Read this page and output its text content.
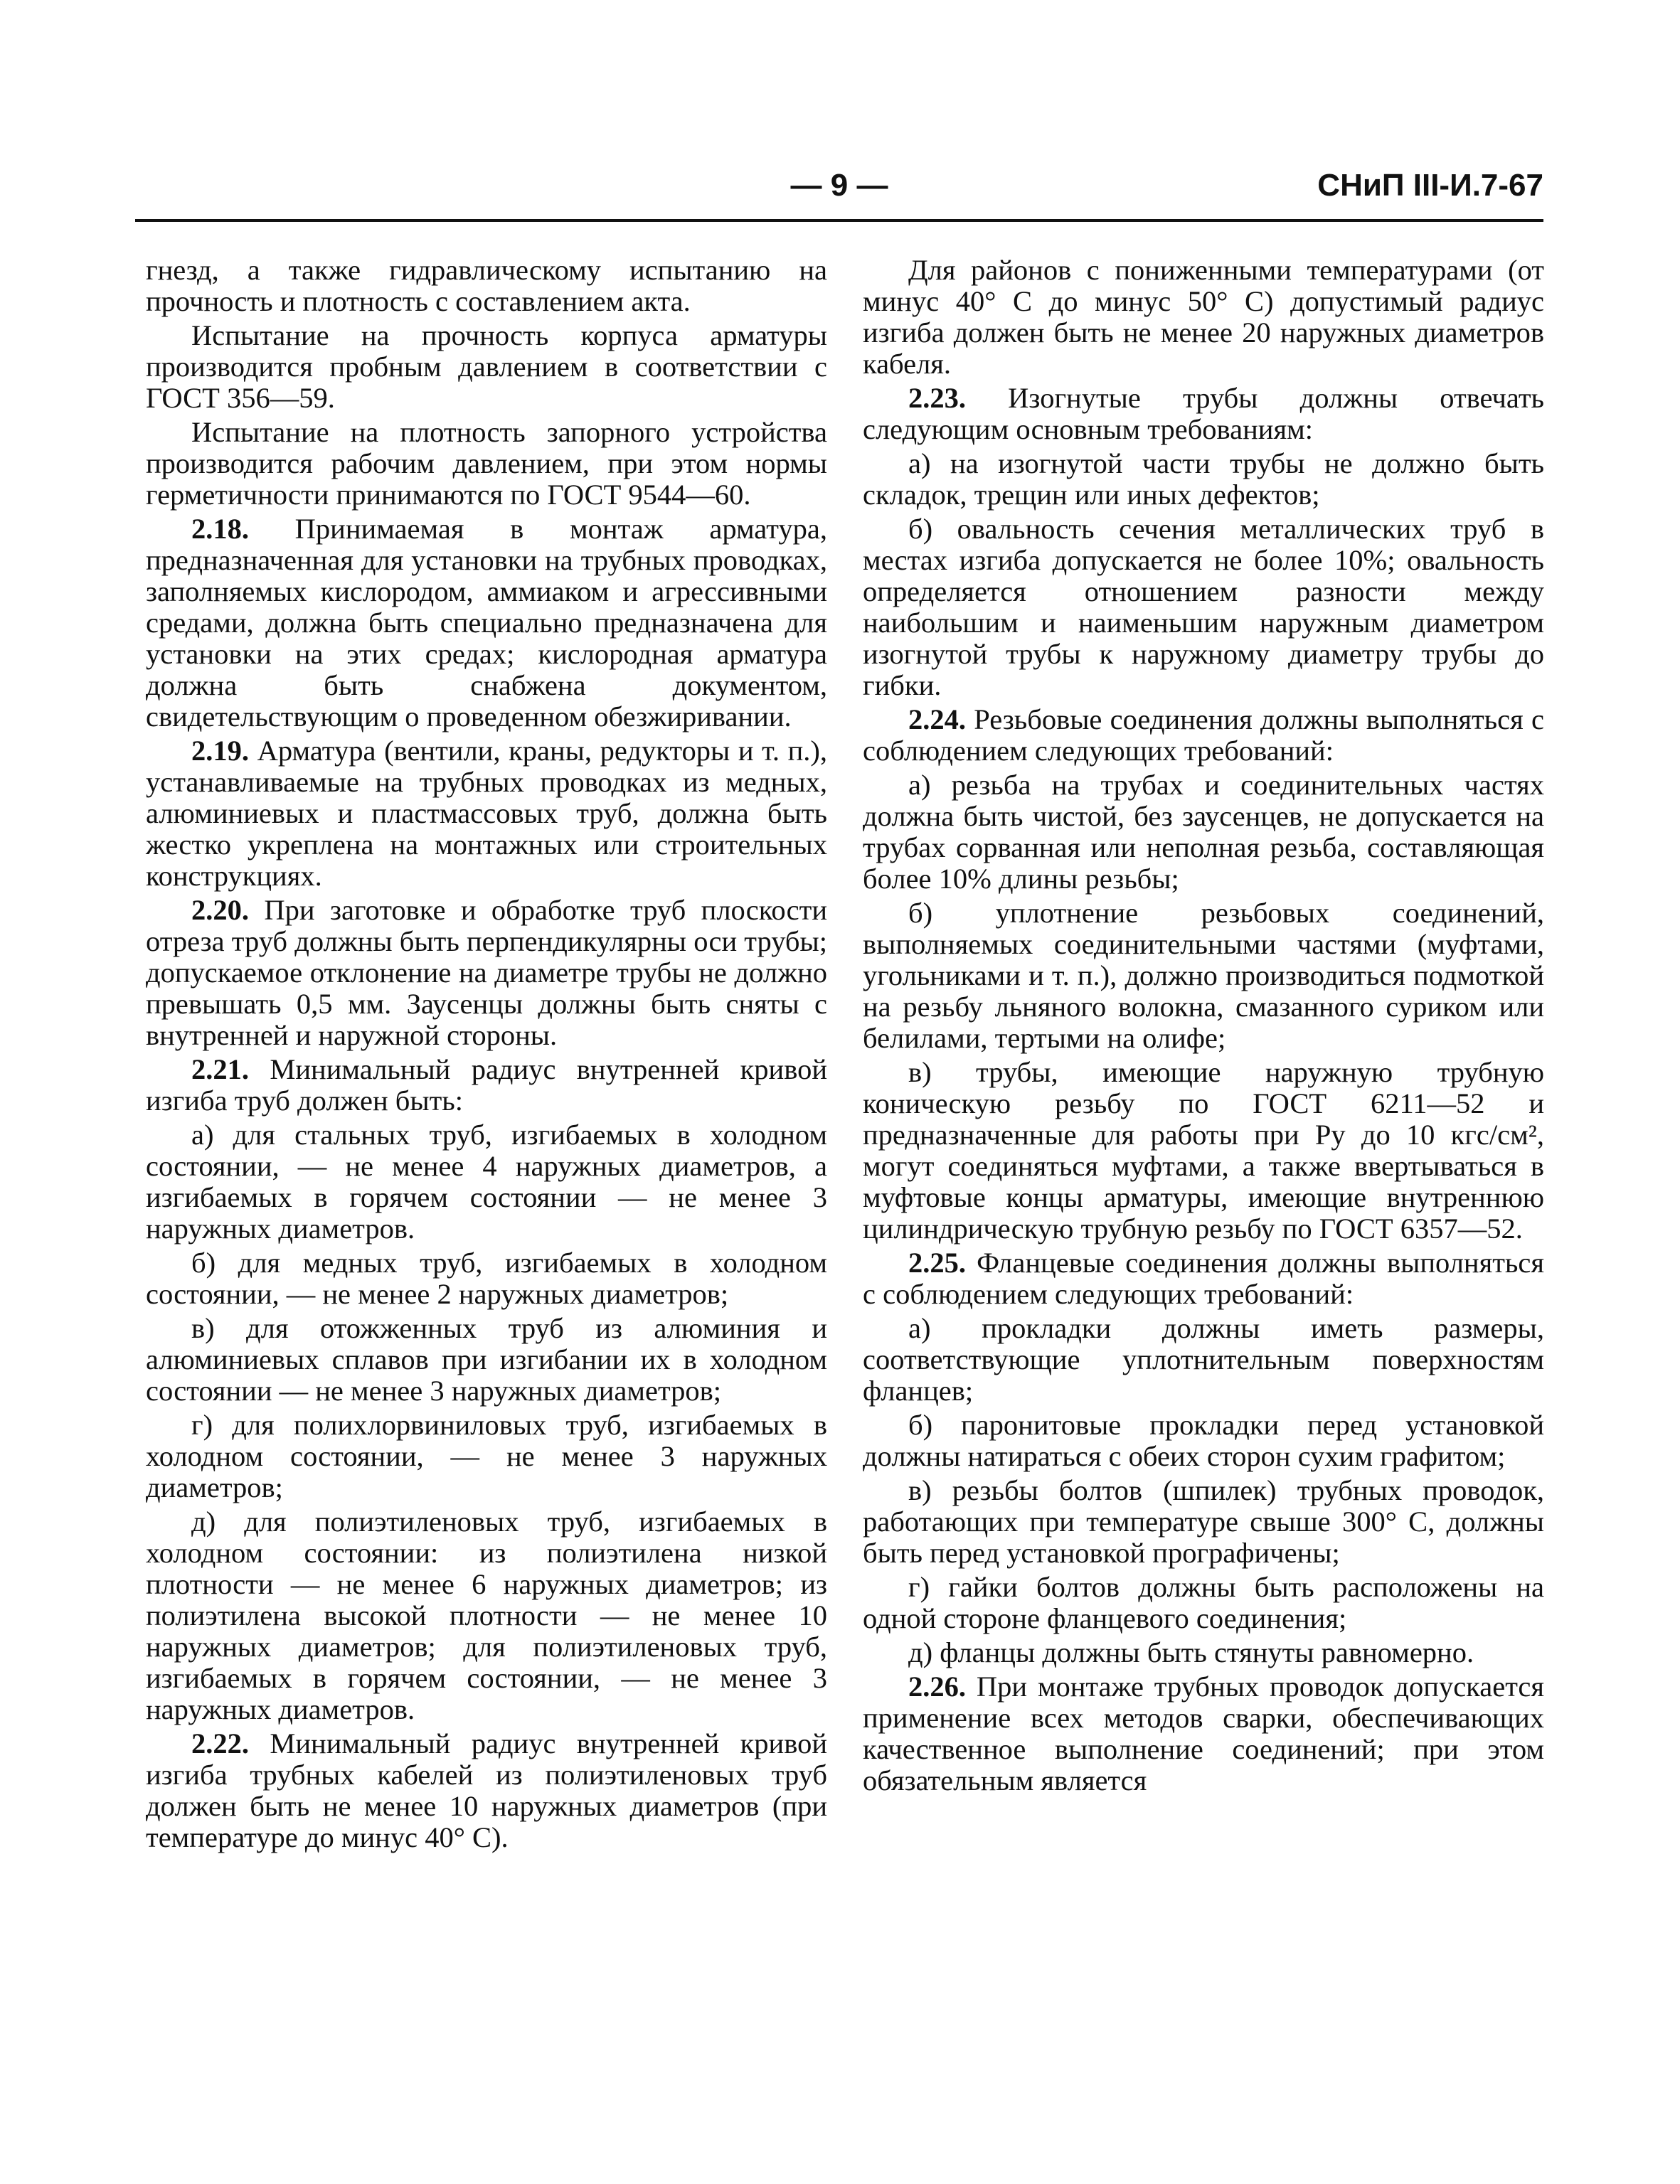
— 9 —	СНиП III-И.7-67

гнезд, а также гидравлическому испытанию на прочность и плотность с составлением акта.

Испытание на прочность корпуса арматуры производится пробным давлением в соответствии с ГОСТ 356—59.

Испытание на плотность запорного устройства производится рабочим давлением, при этом нормы герметичности принимаются по ГОСТ 9544—60.

2.18. Принимаемая в монтаж арматура, предназначенная для установки на трубных проводках, заполняемых кислородом, аммиаком и агрессивными средами, должна быть специально предназначена для установки на этих средах; кислородная арматура должна быть снабжена документом, свидетельствующим о проведенном обезжиривании.

2.19. Арматура (вентили, краны, редукторы и т. п.), устанавливаемые на трубных проводках из медных, алюминиевых и пластмассовых труб, должна быть жестко укреплена на монтажных или строительных конструкциях.

2.20. При заготовке и обработке труб плоскости отреза труб должны быть перпендикулярны оси трубы; допускаемое отклонение на диаметре трубы не должно превышать 0,5 мм. Заусенцы должны быть сняты с внутренней и наружной стороны.

2.21. Минимальный радиус внутренней кривой изгиба труб должен быть:

а) для стальных труб, изгибаемых в холодном состоянии, — не менее 4 наружных диаметров, а изгибаемых в горячем состоянии — не менее 3 наружных диаметров.

б) для медных труб, изгибаемых в холодном состоянии, — не менее 2 наружных диаметров;

в) для отожженных труб из алюминия и алюминиевых сплавов при изгибании их в холодном состоянии — не менее 3 наружных диаметров;

г) для полихлорвиниловых труб, изгибаемых в холодном состоянии, — не менее 3 наружных диаметров;

д) для полиэтиленовых труб, изгибаемых в холодном состоянии: из полиэтилена низкой плотности — не менее 6 наружных диаметров; из полиэтилена высокой плотности — не менее 10 наружных диаметров; для полиэтиленовых труб, изгибаемых в горячем состоянии, — не менее 3 наружных диаметров.

2.22. Минимальный радиус внутренней кривой изгиба трубных кабелей из полиэтиленовых труб должен быть не менее 10 наружных диаметров (при температуре до минус 40° С).

Для районов с пониженными температурами (от минус 40° С до минус 50° С) допустимый радиус изгиба должен быть не менее 20 наружных диаметров кабеля.

2.23. Изогнутые трубы должны отвечать следующим основным требованиям:

а) на изогнутой части трубы не должно быть складок, трещин или иных дефектов;

б) овальность сечения металлических труб в местах изгиба допускается не более 10%; овальность определяется отношением разности между наибольшим и наименьшим наружным диаметром изогнутой трубы к наружному диаметру трубы до гибки.

2.24. Резьбовые соединения должны выполняться с соблюдением следующих требований:

а) резьба на трубах и соединительных частях должна быть чистой, без заусенцев, не допускается на трубах сорванная или неполная резьба, составляющая более 10% длины резьбы;

б) уплотнение резьбовых соединений, выполняемых соединительными частями (муфтами, угольниками и т. п.), должно производиться подмоткой на резьбу льняного волокна, смазанного суриком или белилами, тертыми на олифе;

в) трубы, имеющие наружную трубную коническую резьбу по ГОСТ 6211—52 и предназначенные для работы при Pу до 10 кгс/см², могут соединяться муфтами, а также ввертываться в муфтовые концы арматуры, имеющие внутреннюю цилиндрическую трубную резьбу по ГОСТ 6357—52.

2.25. Фланцевые соединения должны выполняться с соблюдением следующих требований:

а) прокладки должны иметь размеры, соответствующие уплотнительным поверхностям фланцев;

б) паронитовые прокладки перед установкой должны натираться с обеих сторон сухим графитом;

в) резьбы болтов (шпилек) трубных проводок, работающих при температуре свыше 300° С, должны быть перед установкой прографичены;

г) гайки болтов должны быть расположены на одной стороне фланцевого соединения;

д) фланцы должны быть стянуты равномерно.

2.26. При монтаже трубных проводок допускается применение всех методов сварки, обеспечивающих качественное выполнение соединений; при этом обязательным является
